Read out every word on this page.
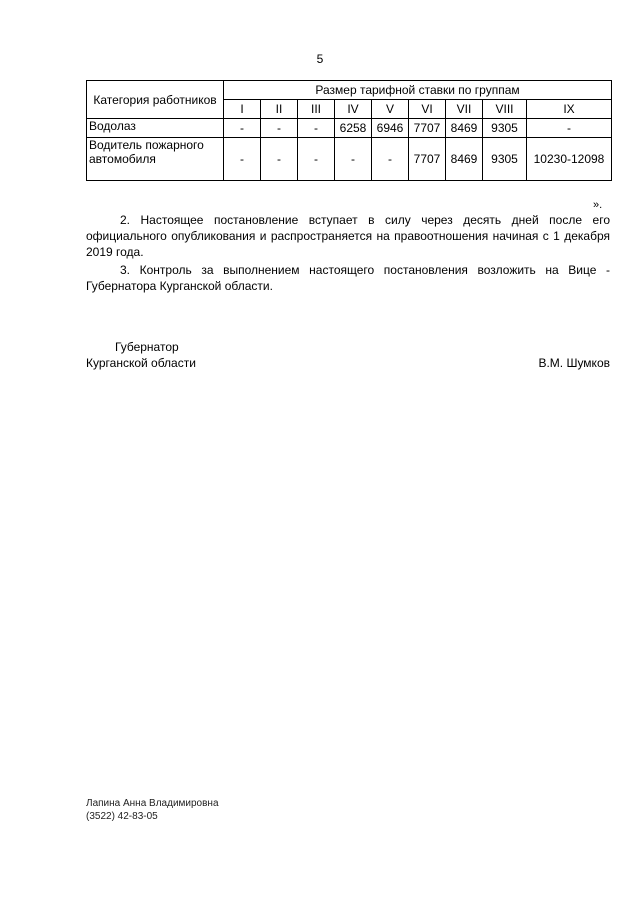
5
Категория работников	Размер тарифной ставки по группам								
	I	II	III	IV	V	VI	VII	VIII	IX
Водолаз	-	-	-	6258	6946	7707	8469	9305	-
Водитель пожарного автомобиля	-	-	-	-	-	7707	8469	9305	10230-12098
».

2. Настоящее постановление вступает в силу через десять дней после его официального опубликования и распространяется на правоотношения начиная с 1 декабря 2019 года.

3. Контроль за выполнением настоящего постановления возложить на Вице - Губернатора Курганской области.

Губернатор
Курганской области	В.М. Шумков
Лапина Анна Владимировна
(3522) 42-83-05
